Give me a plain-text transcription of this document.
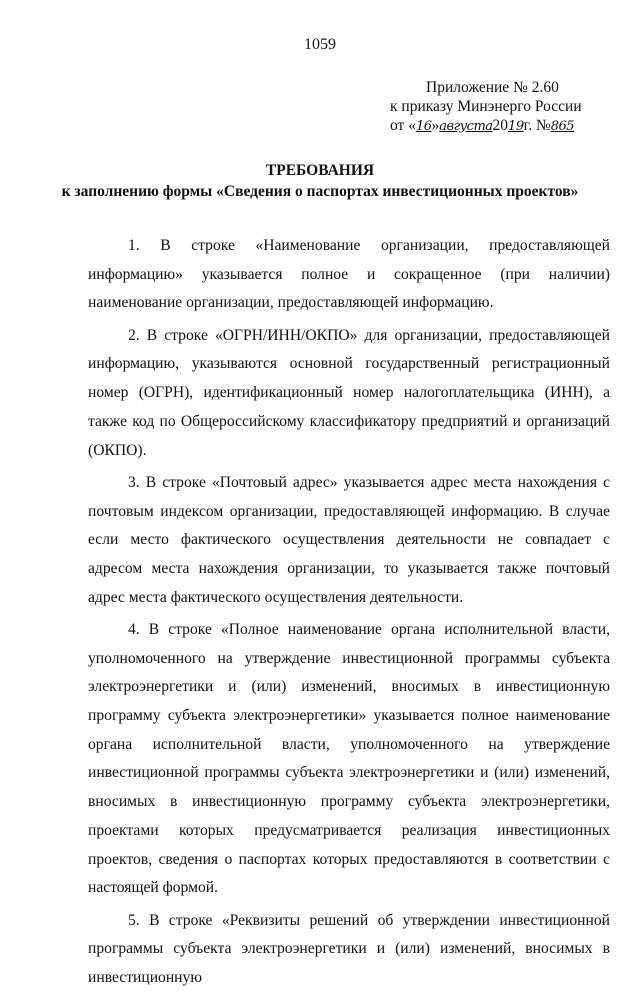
1059
Приложение № 2.60
к приказу Минэнерго России
от «16»августа2019г. №865
ТРЕБОВАНИЯ
к заполнению формы «Сведения о паспортах инвестиционных проектов»

1. В строке «Наименование организации, предоставляющей информацию» указывается полное и сокращенное (при наличии) наименование организации, предоставляющей информацию.

2. В строке «ОГРН/ИНН/ОКПО» для организации, предоставляющей информацию, указываются основной государственный регистрационный номер (ОГРН), идентификационный номер налогоплательщика (ИНН), а также код по Общероссийскому классификатору предприятий и организаций (ОКПО).

3. В строке «Почтовый адрес» указывается адрес места нахождения с почтовым индексом организации, предоставляющей информацию. В случае если место фактического осуществления деятельности не совпадает с адресом места нахождения организации, то указывается также почтовый адрес места фактического осуществления деятельности.

4. В строке «Полное наименование органа исполнительной власти, уполномоченного на утверждение инвестиционной программы субъекта электроэнергетики и (или) изменений, вносимых в инвестиционную программу субъекта электроэнергетики» указывается полное наименование органа исполнительной власти, уполномоченного на утверждение инвестиционной программы субъекта электроэнергетики и (или) изменений, вносимых в инвестиционную программу субъекта электроэнергетики, проектами которых предусматривается реализация инвестиционных проектов, сведения о паспортах которых предоставляются в соответствии с настоящей формой.

5. В строке «Реквизиты решений об утверждении инвестиционной программы субъекта электроэнергетики и (или) изменений, вносимых в инвестиционную
